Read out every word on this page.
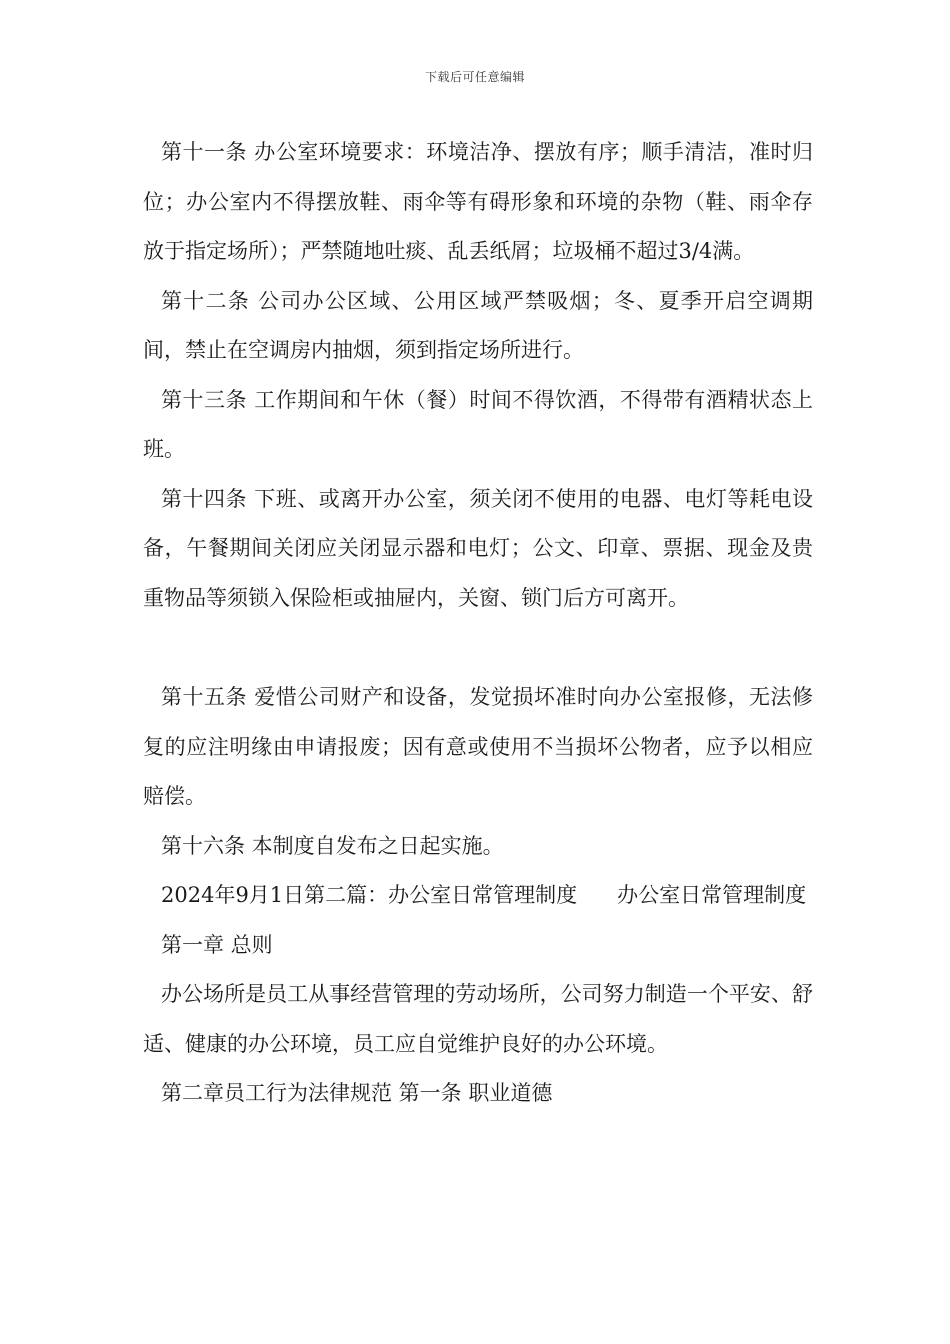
下载后可任意编辑

第十一条 办公室环境要求：环境洁净、摆放有序；顺手清洁，准时归位；办公室内不得摆放鞋、雨伞等有碍形象和环境的杂物（鞋、雨伞存放于指定场所）；严禁随地吐痰、乱丢纸屑；垃圾桶不超过3/4满。

第十二条 公司办公区域、公用区域严禁吸烟；冬、夏季开启空调期间，禁止在空调房内抽烟，须到指定场所进行。

第十三条 工作期间和午休（餐）时间不得饮酒，不得带有酒精状态上班。

第十四条 下班、或离开办公室，须关闭不使用的电器、电灯等耗电设备，午餐期间关闭应关闭显示器和电灯；公文、印章、票据、现金及贵重物品等须锁入保险柜或抽屉内，关窗、锁门后方可离开。

第十五条 爱惜公司财产和设备，发觉损坏准时向办公室报修，无法修复的应注明缘由申请报废；因有意或使用不当损坏公物者，应予以相应赔偿。

第十六条 本制度自发布之日起实施。

2024年9月1日第二篇：办公室日常管理制度 办公室日常管理制度

第一章 总则

办公场所是员工从事经营管理的劳动场所，公司努力制造一个平安、舒适、健康的办公环境，员工应自觉维护良好的办公环境。

第二章员工行为法律规范 第一条 职业道德
